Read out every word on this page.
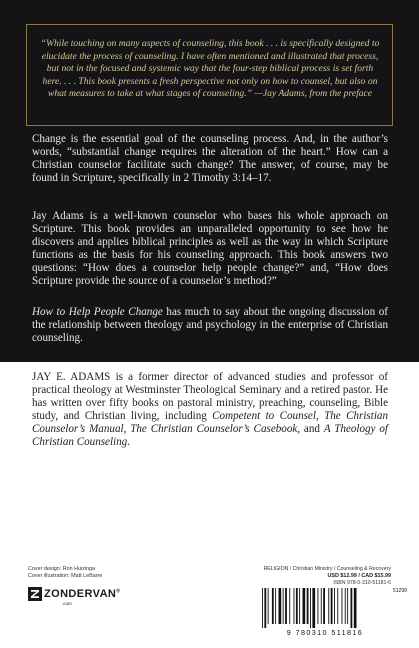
“While touching on many aspects of counseling, this book . . . is specifically designed to elucidate the process of counseling. I have often mentioned and illustrated that process, but not in the focused and systemic way that the four-step biblical process is set forth here. . . . This book presents a fresh perspective not only on how to counsel, but also on what measures to take at what stages of counseling.” —Jay Adams, from the preface

Change is the essential goal of the counseling process. And, in the author’s words, “substantial change requires the alteration of the heart.” How can a Christian counselor facilitate such change? The answer, of course, may be found in Scripture, specifically in 2 Timothy 3:14–17.

Jay Adams is a well-known counselor who bases his whole approach on Scripture. This book provides an unparalleled opportunity to see how he discovers and applies biblical principles as well as the way in which Scripture functions as the basis for his counseling approach. This book answers two questions: “How does a counselor help people change?” and, “How does Scripture provide the source of a counselor’s method?”

How to Help People Change has much to say about the ongoing discussion of the relationship between theology and psychology in the enterprise of Christian counseling.

JAY E. ADAMS is a former director of advanced studies and professor of practical theology at Westminster Theological Seminary and a retired pastor. He has written over fifty books on pastoral ministry, preaching, counseling, Bible study, and Christian living, including Competent to Counsel, The Christian Counselor’s Manual, The Christian Counselor’s Casebook, and A Theology of Christian Counseling.

Cover design: Ron Huizinga
Cover illustration: Matt LeBarre
ZONDERVAN®
.com
RELIGION / Christian Ministry / Counseling & Recovery
USD $12.99 / CAD $15.99
ISBN 978-0-310-51181-6
9 780310 511816
51299
